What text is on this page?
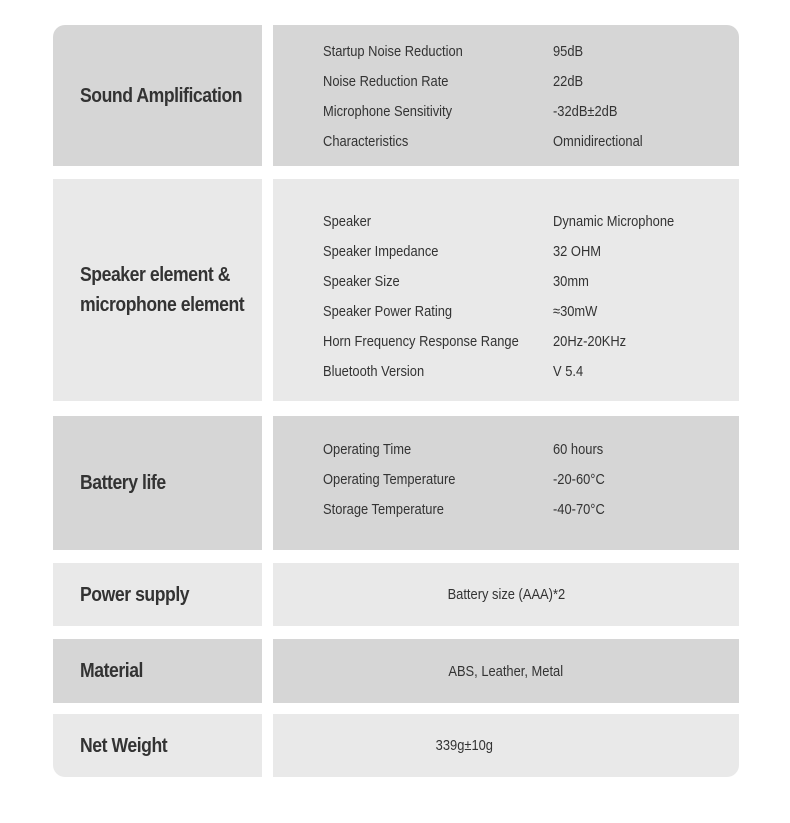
Sound Amplification
Startup Noise Reduction	95dB
Noise Reduction Rate	22dB
Microphone Sensitivity	-32dB±2dB
Characteristics	Omnidirectional
Speaker element &
microphone element
Speaker	Dynamic Microphone
Speaker Impedance	32 OHM
Speaker Size	30mm
Speaker Power Rating	≈30mW
Horn Frequency Response Range 20Hz-20KHz
Bluetooth Version	V 5.4
Battery life
Operating Time	60 hours
Operating Temperature	-20-60°C
Storage Temperature	-40-70°C
Power supply	Battery size (AAA)*2
Material	ABS, Leather, Metal
Net Weight	339g±10g
